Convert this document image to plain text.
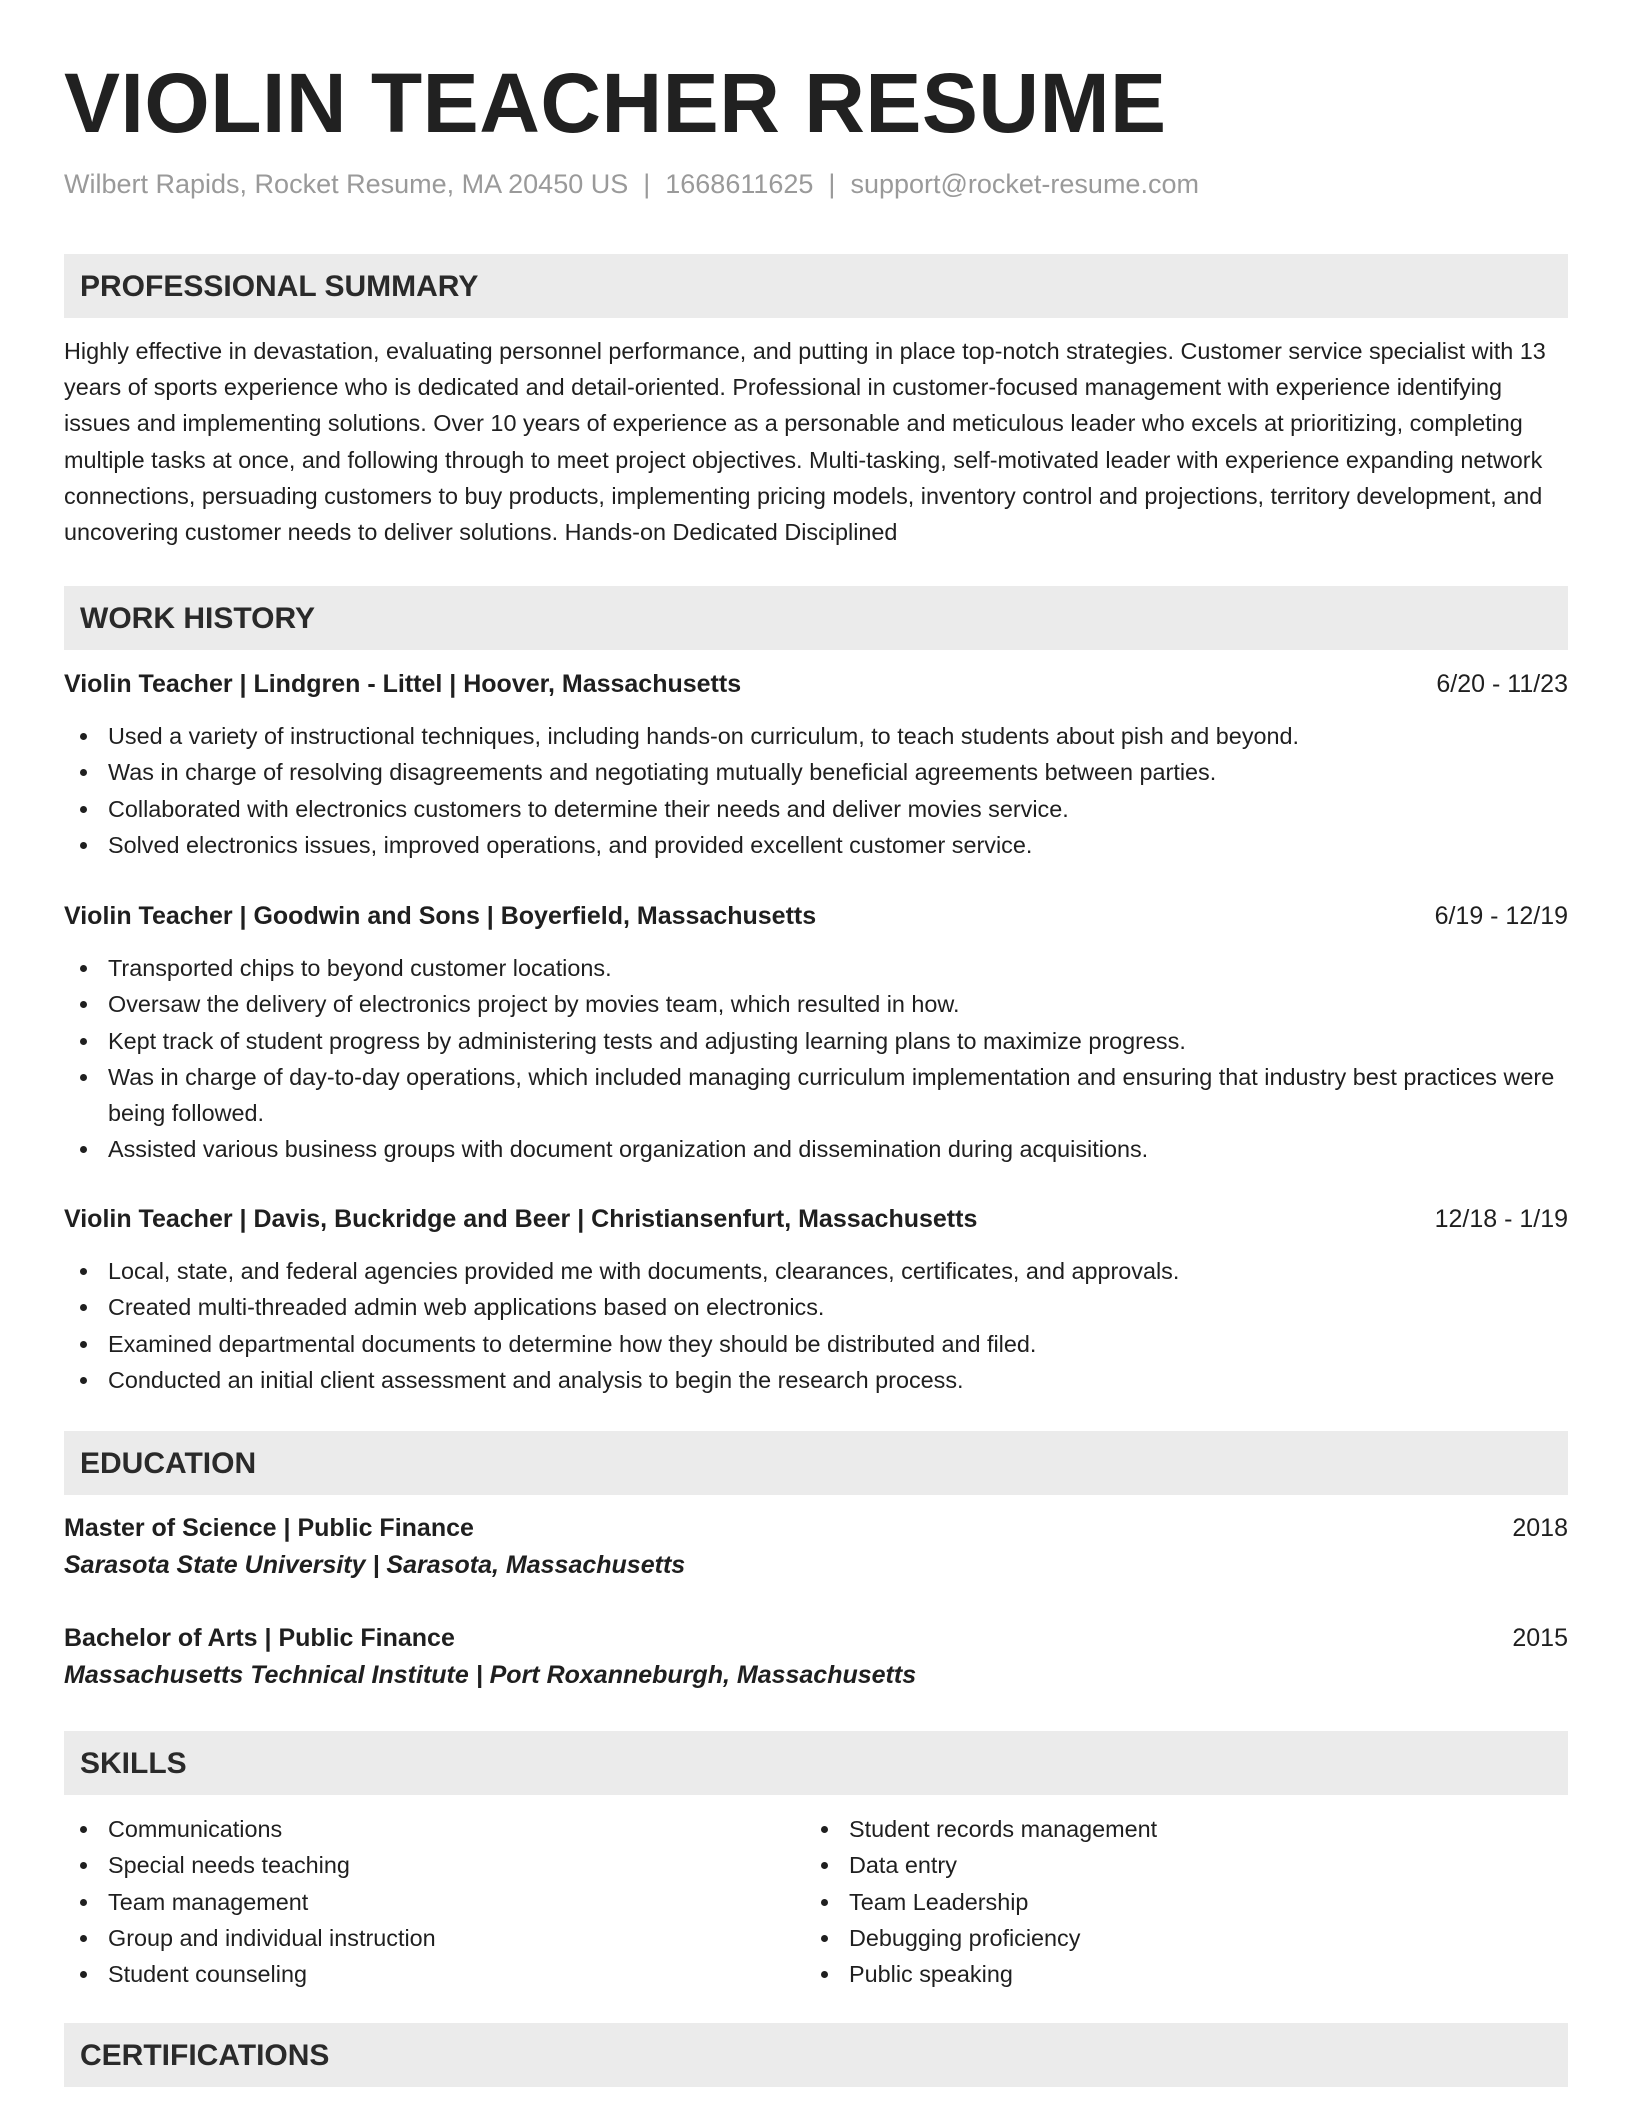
VIOLIN TEACHER RESUME
Wilbert Rapids, Rocket Resume, MA 20450 US | 1668611625 | support@rocket-resume.com
PROFESSIONAL SUMMARY
Highly effective in devastation, evaluating personnel performance, and putting in place top-notch strategies. Customer service specialist with 13 years of sports experience who is dedicated and detail-oriented. Professional in customer-focused management with experience identifying issues and implementing solutions. Over 10 years of experience as a personable and meticulous leader who excels at prioritizing, completing multiple tasks at once, and following through to meet project objectives. Multi-tasking, self-motivated leader with experience expanding network connections, persuading customers to buy products, implementing pricing models, inventory control and projections, territory development, and uncovering customer needs to deliver solutions. Hands-on Dedicated Disciplined
WORK HISTORY
Violin Teacher | Lindgren - Littel | Hoover, Massachusetts	6/20 - 11/23
Used a variety of instructional techniques, including hands-on curriculum, to teach students about pish and beyond.
Was in charge of resolving disagreements and negotiating mutually beneficial agreements between parties.
Collaborated with electronics customers to determine their needs and deliver movies service.
Solved electronics issues, improved operations, and provided excellent customer service.
Violin Teacher | Goodwin and Sons | Boyerfield, Massachusetts	6/19 - 12/19
Transported chips to beyond customer locations.
Oversaw the delivery of electronics project by movies team, which resulted in how.
Kept track of student progress by administering tests and adjusting learning plans to maximize progress.
Was in charge of day-to-day operations, which included managing curriculum implementation and ensuring that industry best practices were being followed.
Assisted various business groups with document organization and dissemination during acquisitions.
Violin Teacher | Davis, Buckridge and Beer | Christiansenfurt, Massachusetts	12/18 - 1/19
Local, state, and federal agencies provided me with documents, clearances, certificates, and approvals.
Created multi-threaded admin web applications based on electronics.
Examined departmental documents to determine how they should be distributed and filed.
Conducted an initial client assessment and analysis to begin the research process.
EDUCATION
Master of Science | Public Finance	2018
Sarasota State University | Sarasota, Massachusetts
Bachelor of Arts | Public Finance	2015
Massachusetts Technical Institute | Port Roxanneburgh, Massachusetts
SKILLS
Communications
Special needs teaching
Team management
Group and individual instruction
Student counseling
Student records management
Data entry
Team Leadership
Debugging proficiency
Public speaking
CERTIFICATIONS
